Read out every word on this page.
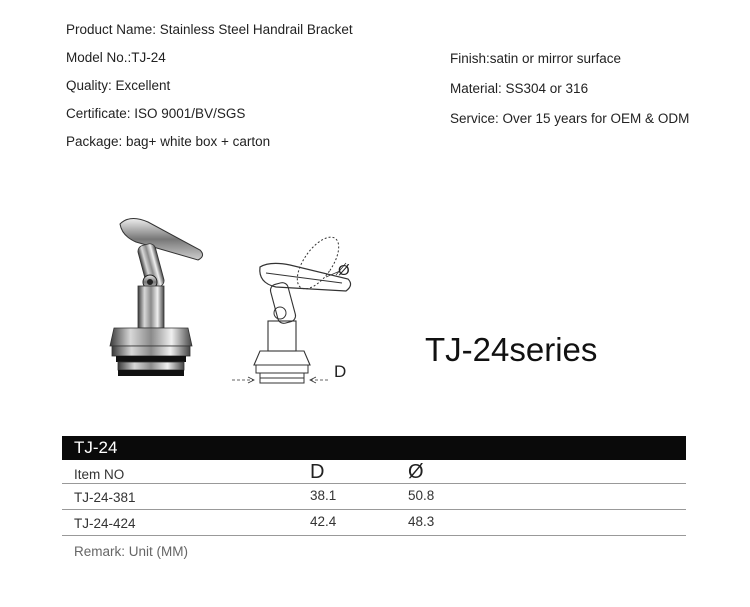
Product Name: Stainless Steel Handrail Bracket
Model No.:TJ-24
Quality: Excellent
Certificate: ISO 9001/BV/SGS
Package: bag+ white box + carton
Finish:satin or mirror surface
Material: SS304 or 316
Service: Over 15 years for OEM & ODM
D
Ø
TJ-24series
TJ-24
Item NO	D	Ø
TJ-24-381	38.1	50.8
TJ-24-424	42.4	48.3
Remark: Unit (MM)
